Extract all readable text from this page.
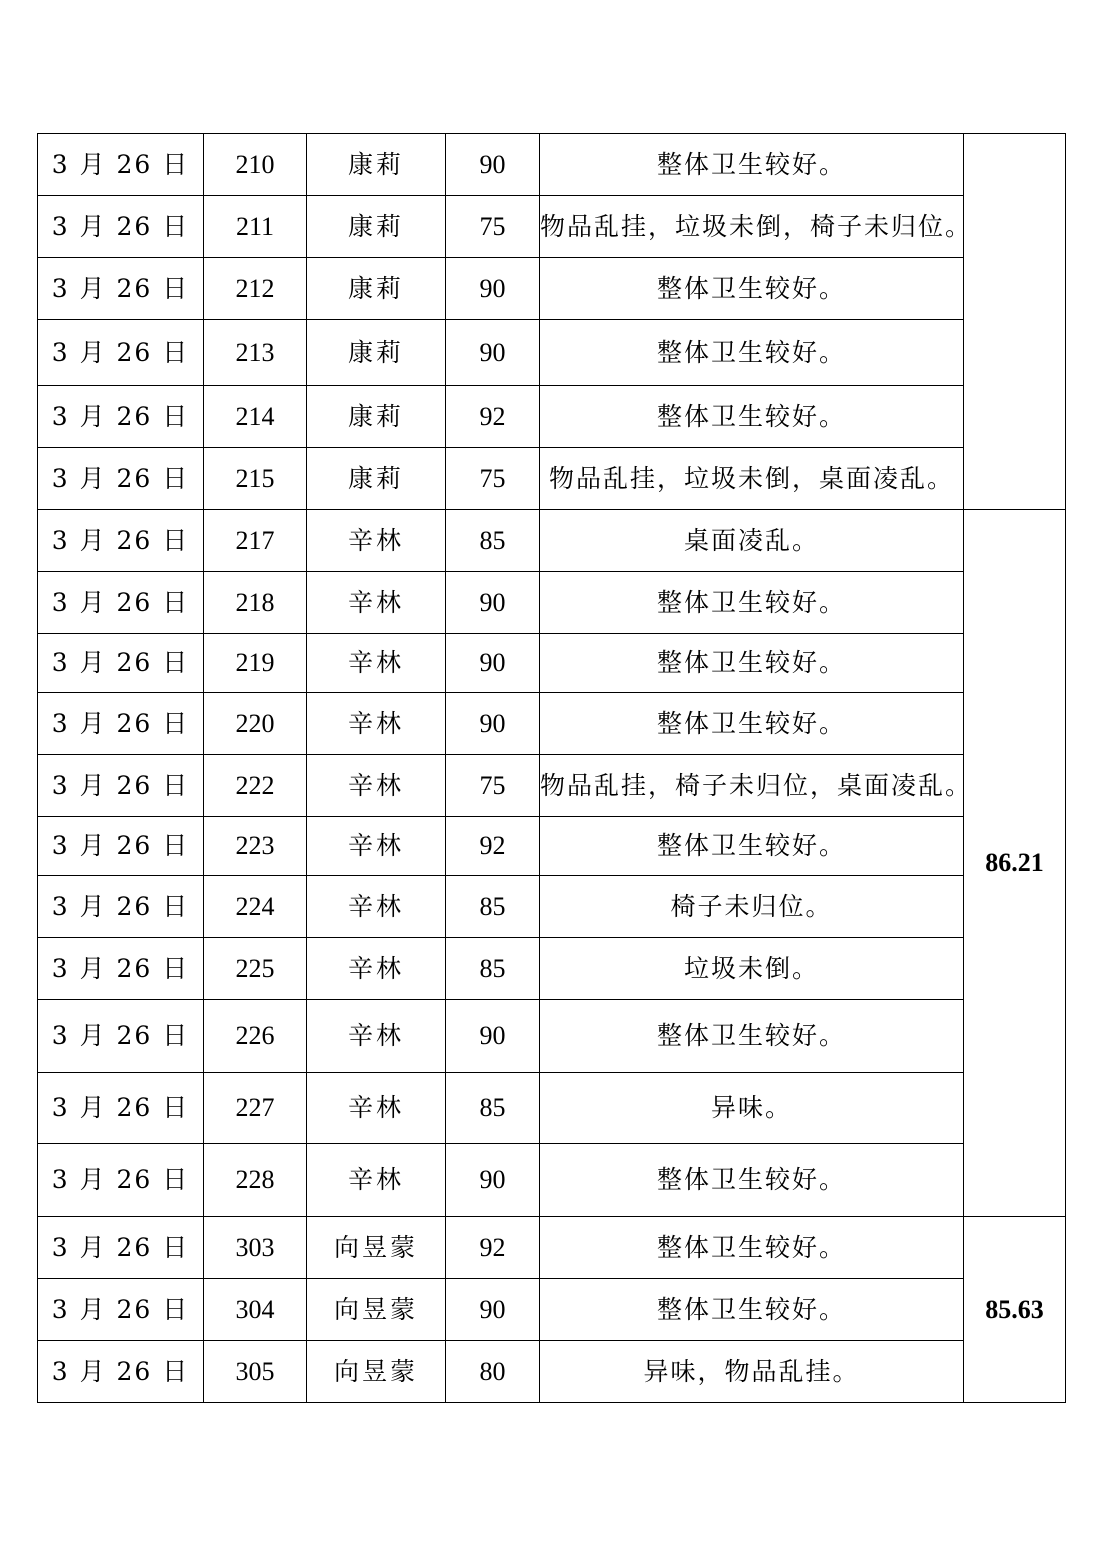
3 月 26 日	210	康莉	90	整体卫生较好。	
3 月 26 日	211	康莉	75	物品乱挂，垃圾未倒，椅子未归位。	
3 月 26 日	212	康莉	90	整体卫生较好。	
3 月 26 日	213	康莉	90	整体卫生较好。	
3 月 26 日	214	康莉	92	整体卫生较好。	
3 月 26 日	215	康莉	75	物品乱挂，垃圾未倒，桌面凌乱。	
3 月 26 日	217	辛林	85	桌面凌乱。	86.21
3 月 26 日	218	辛林	90	整体卫生较好。	
3 月 26 日	219	辛林	90	整体卫生较好。	
3 月 26 日	220	辛林	90	整体卫生较好。	
3 月 26 日	222	辛林	75	物品乱挂，椅子未归位，桌面凌乱。	
3 月 26 日	223	辛林	92	整体卫生较好。	
3 月 26 日	224	辛林	85	椅子未归位。	
3 月 26 日	225	辛林	85	垃圾未倒。	
3 月 26 日	226	辛林	90	整体卫生较好。	
3 月 26 日	227	辛林	85	异味。	
3 月 26 日	228	辛林	90	整体卫生较好。	
3 月 26 日	303	向昱蒙	92	整体卫生较好。	85.63
3 月 26 日	304	向昱蒙	90	整体卫生较好。	
3 月 26 日	305	向昱蒙	80	异味，物品乱挂。	
